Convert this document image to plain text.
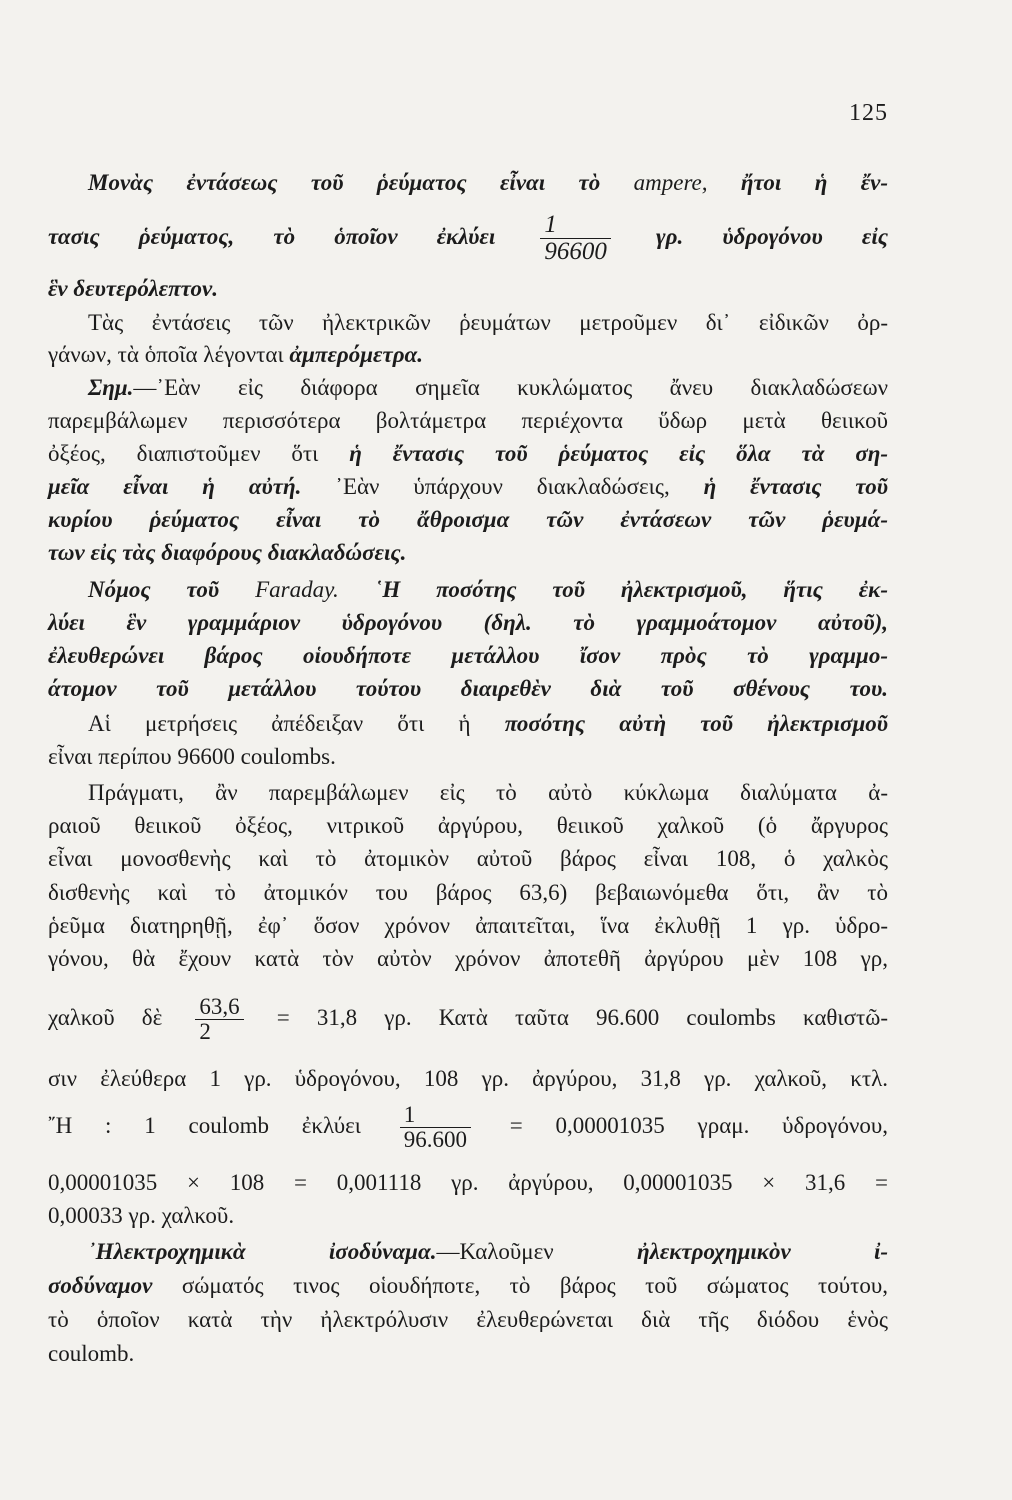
125
Μονὰς ἐντάσεως τοῦ ῥεύματος εἶναι τὸ ampere, ἤτοι ἡ ἔν-
τασις ῥεύματος, τὸ ὁποῖον ἐκλύει $\frac{1}{96600} \gamma\rho$. ὑδρογόνου εἰς
ἓν δευτερόλεπτον.
Τὰς ἐντάσεις τῶν ἠλεκτρικῶν ῥευμάτων μετροῦμεν δι᾽ εἰδικῶν ὀρ-
γάνων, τὰ ὁποῖα λέγονται ἀμπερόμετρα.
Σημ.—᾽Εὰν εἰς διάφορα σημεῖα κυκλώματος ἄνευ διακλαδώσεων
παρεμβάλωμεν περισσότερα βολτάμετρα περιέχοντα ὕδωρ μετὰ θειικοῦ
ὀξέος, διαπιστοῦμεν ὅτι ἡ ἔντασις τοῦ ῥεύματος εἰς ὅλα τὰ ση-
μεῖα εἶναι ἡ αὐτή. ᾽Εὰν ὑπάρχουν διακλαδώσεις, ἡ ἔντασις τοῦ
κυρίου ῥεύματος εἶναι τὸ ἄθροισμα τῶν ἐντάσεων τῶν ῥευμά-
των εἰς τὰς διαφόρους διακλαδώσεις.
Νόμος τοῦ Faraday. ῾Η ποσότης τοῦ ἠλεκτρισμοῦ, ἥτις ἐκ-
λύει ἓν γραμμάριον ὑδρογόνου (δηλ. τὸ γραμμοάτομον αὐτοῦ),
ἐλευθερώνει βάρος οἱουδήποτε μετάλλου ἴσον πρὸς τὸ γραμμο-
άτομον τοῦ μετάλλου τούτου διαιρεθὲν διὰ τοῦ σθένους του.
Αἱ μετρήσεις ἀπέδειξαν ὅτι ἡ ποσότης αὐτὴ τοῦ ἠλεκτρισμοῦ
εἶναι περίπου 96600 coulombs.
Πράγματι, ἂν παρεμβάλωμεν εἰς τὸ αὐτὸ κύκλωμα διαλύματα ἀ-
ραιοῦ θειικοῦ ὀξέος, νιτρικοῦ ἀργύρου, θειικοῦ χαλκοῦ (ὁ ἄργυρος
εἶναι μονοσθενὴς καὶ τὸ ἀτομικὸν αὐτοῦ βάρος εἶναι 108, ὁ χαλκὸς
δισθενὴς καὶ τὸ ἀτομικόν του βάρος 63,6) βεβαιωνόμεθα ὅτι, ἂν τὸ
ῥεῦμα διατηρηθῇ, ἐφ᾽ ὅσον χρόνον ἀπαιτεῖται, ἵνα ἐκλυθῇ 1 γρ. ὑδρο-
γόνου, θὰ ἔχουν κατὰ τὸν αὐτὸν χρόνον ἀποτεθῆ ἀργύρου μὲν 108 γρ,
χαλκοῦ δὲ $\frac{63,6}{2} = 31,8$ γρ. Κατὰ ταῦτα 96.600 coulombs καθιστῶ-
σιν ἐλεύθερα 1 γρ. ὑδρογόνου, 108 γρ. ἀργύρου, 31,8 γρ. χαλκοῦ, κτλ.
῎Η : 1 coulomb ἐκλύει $\frac{1}{96.600} = 0,00001035$ γραμ. ὑδρογόνου,
0,00001035 × 108 = 0,001118 γρ. ἀργύρου, 0,00001035 × 31,6 =
0,00033 γρ. χαλκοῦ.
᾽Ηλεκτροχημικὰ ἰσοδύναμα.—Καλοῦμεν	ἠλεκτροχημικὸν ἰ-
σοδύναμον σώματός τινος οἱουδήποτε, τὸ βάρος τοῦ σώματος τούτου,
τὸ ὁποῖον κατὰ τὴν ἠλεκτρόλυσιν ἐλευθερώνεται διὰ τῆς διόδου ἑνὸς
coulomb.
